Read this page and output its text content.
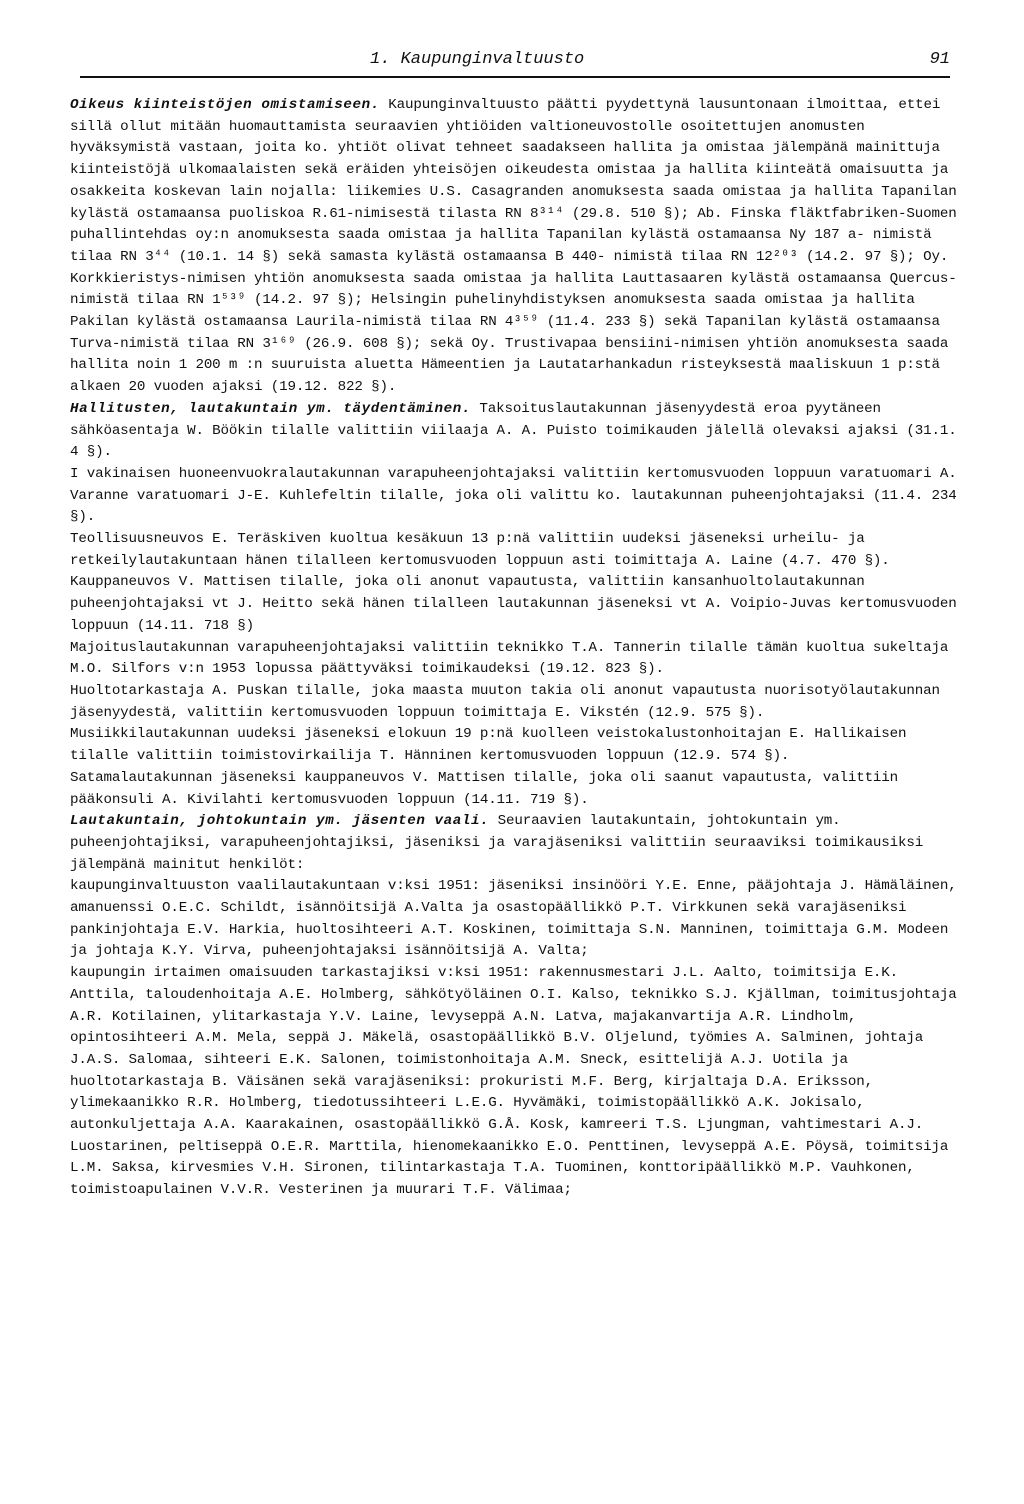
1. Kaupunginvaltuusto	91

Oikeus kiinteistöjen omistamiseen. Kaupunginvaltuusto päätti pyydettynä lausuntonaan ilmoittaa, ettei sillä ollut mitään huomauttamista seuraavien yhtiöiden valtioneuvostolle osoitettujen anomusten hyväksymistä vastaan, joita ko. yhtiöt olivat tehneet saadakseen hallita ja omistaa jälempänä mainittuja kiinteistöjä ulkomaalaisten sekä eräiden yhteisöjen oikeudesta omistaa ja hallita kiinteätä omaisuutta ja osakkeita koskevan lain nojalla: liikemies U.S. Casagranden anomuksesta saada omistaa ja hallita Tapanilan kylästä ostamaansa puoliskoa R.61-nimisestä tilasta RN 8³¹⁴ (29.8. 510 §); Ab. Finska fläktfabriken-Suomen puhallintehdas oy:n anomuksesta saada omistaa ja hallita Tapanilan kylästä ostamaansa Ny 187 a- nimistä tilaa RN 3⁴⁴ (10.1. 14 §) sekä samasta kylästä ostamaansa B 440- nimistä tilaa RN 12²⁰³ (14.2. 97 §); Oy. Korkkieristys-nimisen yhtiön anomuksesta saada omistaa ja hallita Lauttasaaren kylästä ostamaansa Quercus-nimistä tilaa RN 1⁵³⁹ (14.2. 97 §); Helsingin puhelinyhdistyksen anomuksesta saada omistaa ja hallita Pakilan kylästä ostamaansa Laurila-nimistä tilaa RN 4³⁵⁹ (11.4. 233 §) sekä Tapanilan kylästä ostamaansa Turva-nimistä tilaa RN 3¹⁶⁹ (26.9. 608 §); sekä Oy. Trustivapaa bensiini-nimisen yhtiön anomuksesta saada hallita noin 1 200 m :n suuruista aluetta Hämeentien ja Lautatarhankadun risteyksestä maaliskuun 1 p:stä alkaen 20 vuoden ajaksi (19.12. 822 §).

Hallitusten, lautakuntain ym. täydentäminen. Taksoituslautakunnan jäsenyydestä eroa pyytäneen sähköasentaja W. Böökin tilalle valittiin viilaaja A. A. Puisto toimikauden jälellä olevaksi ajaksi (31.1. 4 §).

I vakinaisen huoneenvuokralautakunnan varapuheenjohtajaksi valittiin kertomusvuoden loppuun varatuomari A. Varanne varatuomari J-E. Kuhlefeltin tilalle, joka oli valittu ko. lautakunnan puheenjohtajaksi (11.4. 234 §).

Teollisuusneuvos E. Teräskiven kuoltua kesäkuun 13 p:nä valittiin uudeksi jäseneksi urheilu- ja retkeilylautakuntaan hänen tilalleen kertomusvuoden loppuun asti toimittaja A. Laine (4.7. 470 §).

Kauppaneuvos V. Mattisen tilalle, joka oli anonut vapautusta, valittiin kansanhuoltolautakunnan puheenjohtajaksi vt J. Heitto sekä hänen tilalleen lautakunnan jäseneksi vt A. Voipio-Juvas kertomusvuoden loppuun (14.11. 718 §)

Majoituslautakunnan varapuheenjohtajaksi valittiin teknikko T.A. Tannerin tilalle tämän kuoltua sukeltaja M.O. Silfors v:n 1953 lopussa päättyväksi toimikaudeksi (19.12. 823 §).

Huoltotarkastaja A. Puskan tilalle, joka maasta muuton takia oli anonut vapautusta nuorisotyölautakunnan jäsenyydestä, valittiin kertomusvuoden loppuun toimittaja E. Vikstén (12.9. 575 §).

Musiikkilautakunnan uudeksi jäseneksi elokuun 19 p:nä kuolleen veistokalustonhoitajan E. Hallikaisen tilalle valittiin toimistovirkailija T. Hänninen kertomusvuoden loppuun (12.9. 574 §).

Satamalautakunnan jäseneksi kauppaneuvos V. Mattisen tilalle, joka oli saanut vapautusta, valittiin pääkonsuli A. Kivilahti kertomusvuoden loppuun (14.11. 719 §).

Lautakuntain, johtokuntain ym. jäsenten vaali. Seuraavien lautakuntain, johtokuntain ym. puheenjohtajiksi, varapuheenjohtajiksi, jäseniksi ja varajäseniksi valittiin seuraaviksi toimikausiksi jälempänä mainitut henkilöt:

kaupunginvaltuuston vaalilautakuntaan v:ksi 1951: jäseniksi insinööri Y.E. Enne, pääjohtaja J. Hämäläinen, amanuenssi O.E.C. Schildt, isännöitsijä A.Valta ja osastopäällikkö P.T. Virkkunen sekä varajäseniksi pankinjohtaja E.V. Harkia, huoltosihteeri A.T. Koskinen, toimittaja S.N. Manninen, toimittaja G.M. Modeen ja johtaja K.Y. Virva, puheenjohtajaksi isännöitsijä A. Valta;

kaupungin irtaimen omaisuuden tarkastajiksi v:ksi 1951: rakennusmestari J.L. Aalto, toimitsija E.K. Anttila, taloudenhoitaja A.E. Holmberg, sähkötyöläinen O.I. Kalso, teknikko S.J. Kjällman, toimitusjohtaja A.R. Kotilainen, ylitarkastaja Y.V. Laine, levyseppä A.N. Latva, majakanvartija A.R. Lindholm, opintosihteeri A.M. Mela, seppä J. Mäkelä, osastopäällikkö B.V. Oljelund, työmies A. Salminen, johtaja J.A.S. Salomaa, sihteeri E.K. Salonen, toimistonhoitaja A.M. Sneck, esittelijä A.J. Uotila ja huoltotarkastaja B. Väisänen sekä varajäseniksi: prokuristi M.F. Berg, kirjaltaja D.A. Eriksson, ylimekaanikko R.R. Holmberg, tiedotussihteeri L.E.G. Hyvämäki, toimistopäällikkö A.K. Jokisalo, autonkuljettaja A.A. Kaarakainen, osastopäällikkö G.Å. Kosk, kamreeri T.S. Ljungman, vahtimestari A.J. Luostarinen, peltiseppä O.E.R. Marttila, hienomekaanikko E.O. Penttinen, levyseppä A.E. Pöysä, toimitsija L.M. Saksa, kirvesmies V.H. Sironen, tilintarkastaja T.A. Tuominen, konttoripäällikkö M.P. Vauhkonen, toimistoapulainen V.V.R. Vesterinen ja muurari T.F. Välimaa;
